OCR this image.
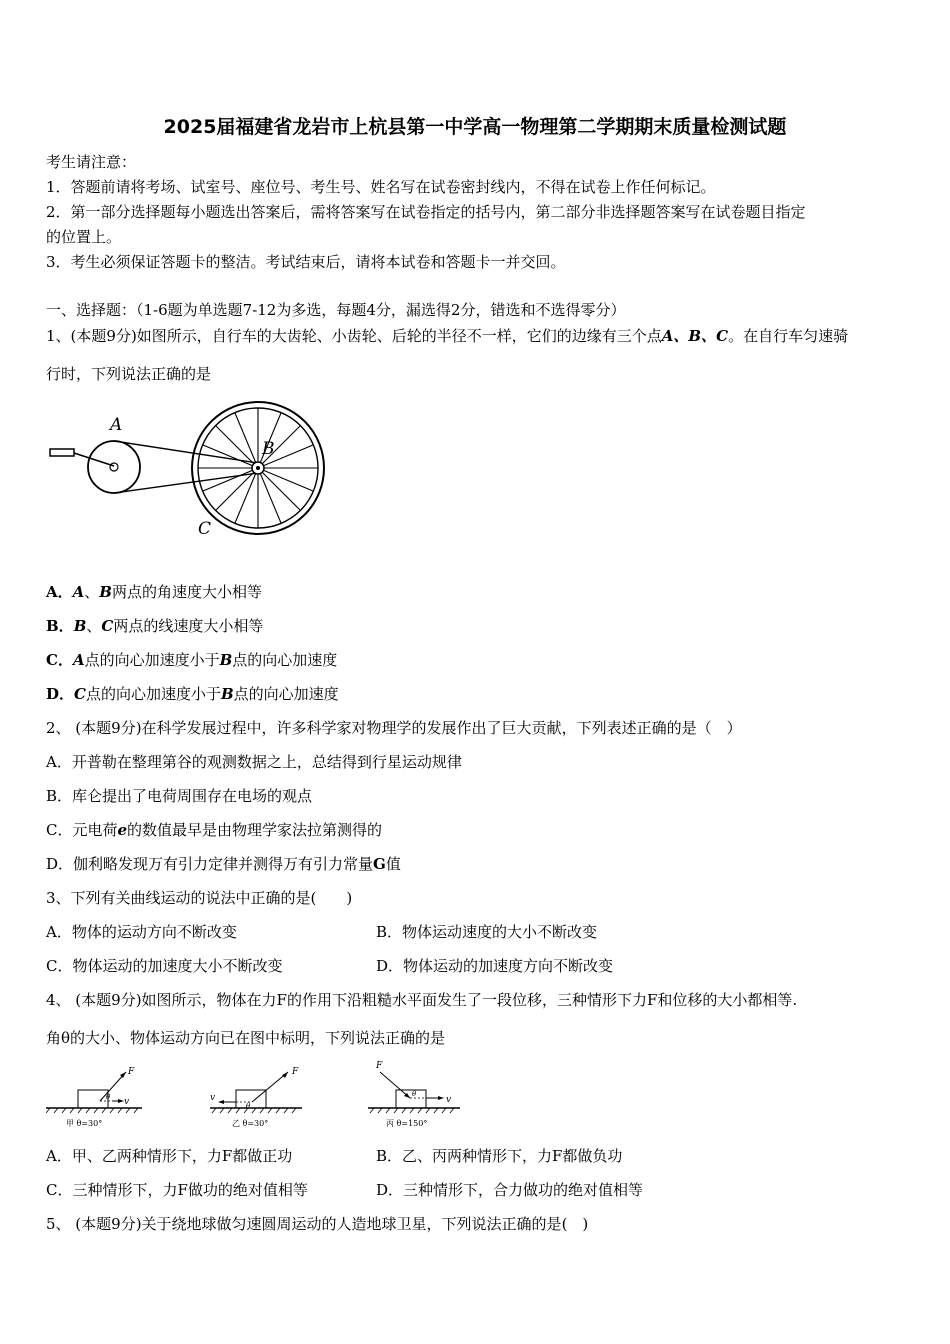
2025届福建省龙岩市上杭县第一中学高一物理第二学期期末质量检测试题
考生请注意：
1．答题前请将考场、试室号、座位号、考生号、姓名写在试卷密封线内，不得在试卷上作任何标记。
2．第一部分选择题每小题选出答案后，需将答案写在试卷指定的括号内，第二部分非选择题答案写在试卷题目指定
的位置上。
3．考生必须保证答题卡的整洁。考试结束后，请将本试卷和答题卡一并交回。
一、选择题：（1-6题为单选题7-12为多选，每题4分，漏选得2分，错选和不选得零分）
1、(本题9分)如图所示，自行车的大齿轮、小齿轮、后轮的半径不一样，它们的边缘有三个点A、B、C。在自行车匀速骑
行时，下列说法正确的是
A
B
C
A．A、B两点的角速度大小相等
B．B、C两点的线速度大小相等
C．A点的向心加速度小于B点的向心加速度
D．C点的向心加速度小于B点的向心加速度
2、 (本题9分)在科学发展过程中，许多科学家对物理学的发展作出了巨大贡献，下列表述正确的是（　）
A．开普勒在整理第谷的观测数据之上，总结得到行星运动规律
B．库仑提出了电荷周围存在电场的观点
C．元电荷e的数值最早是由物理学家法拉第测得的
D．伽利略发现万有引力定律并测得万有引力常量G值
3、下列有关曲线运动的说法中正确的是(　　)
A．物体的运动方向不断改变	B．物体运动速度的大小不断改变
C．物体运动的加速度大小不断改变	D．物体运动的加速度方向不断改变
4、 (本题9分)如图所示，物体在力F的作用下沿粗糙水平面发生了一段位移，三种情形下力F和位移的大小都相等.
角θ的大小、物体运动方向已在图中标明，下列说法正确的是
F
v
θ
甲 θ=30°
F
v
θ
乙 θ=30°
F
v
θ
丙 θ=150°
A．甲、乙两种情形下，力F都做正功	B．乙、丙两种情形下，力F都做负功
C．三种情形下，力F做功的绝对值相等	D．三种情形下，合力做功的绝对值相等
5、 (本题9分)关于绕地球做匀速圆周运动的人造地球卫星，下列说法正确的是(　)
